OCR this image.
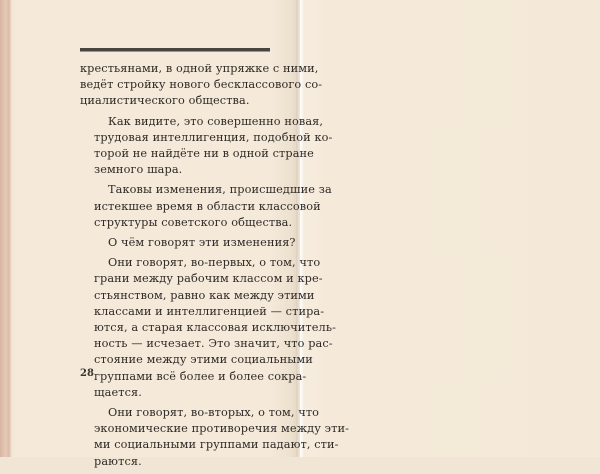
крестьянами, в одной упряжке с ними,
ведёт стройку нового бесклассового со-
циалистического общества.
Как видите, это совершенно новая,
трудовая интеллигенция, подобной ко-
торой не найдёте ни в одной стране
земного шара.
Таковы изменения, происшедшие за
истекшее время в области классовой
структуры советского общества.
О чём говорят эти изменения?
Они говорят, во-первых, о том, что
грани между рабочим классом и кре-
стьянством, равно как между этими
классами и интеллигенцией — стира-
ются, а старая классовая исключитель-
ность — исчезает. Это значит, что рас-
стояние между этими социальными
группами всё более и более сокра-
щается.
Они говорят, во-вторых, о том, что
экономические противоречия между эти-
ми социальными группами падают, сти-
раются.
28
